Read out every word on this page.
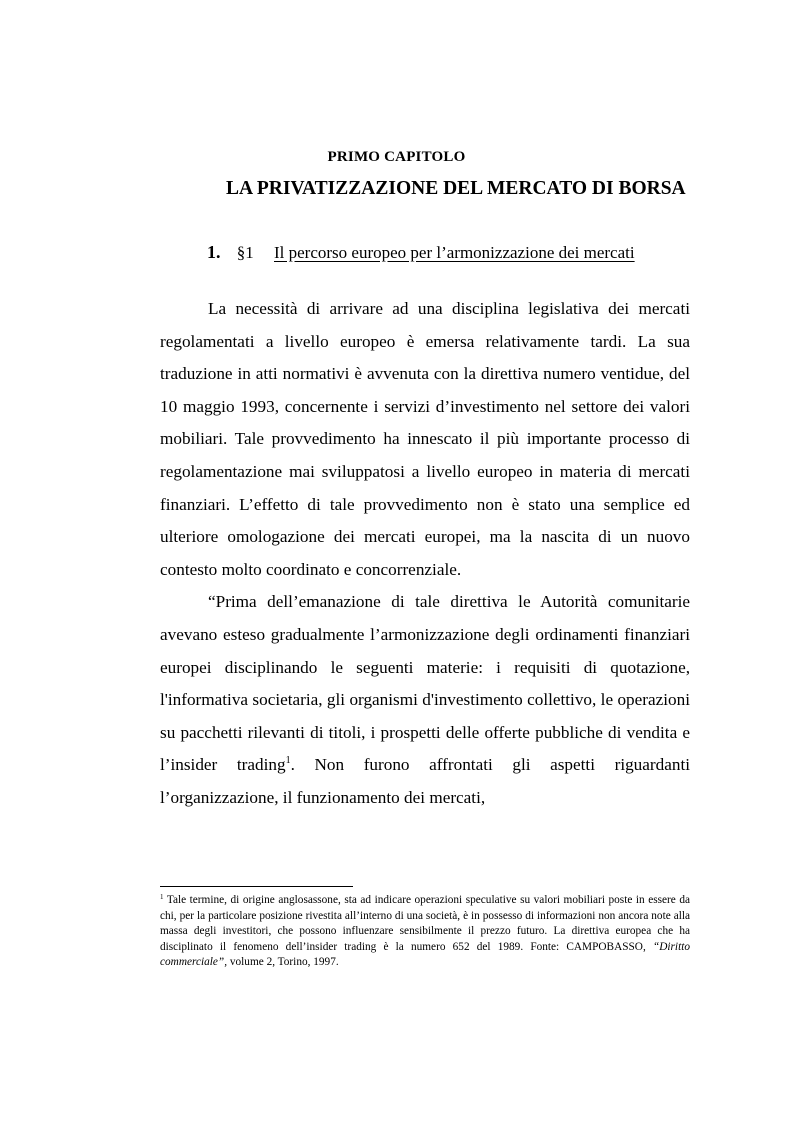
PRIMO CAPITOLO
LA PRIVATIZZAZIONE DEL MERCATO DI BORSA
1. §1 Il percorso europeo per l’armonizzazione dei mercati

La necessità di arrivare ad una disciplina legislativa dei mercati regolamentati a livello europeo è emersa relativamente tardi. La sua traduzione in atti normativi è avvenuta con la direttiva numero ventidue, del 10 maggio 1993, concernente i servizi d’investimento nel settore dei valori mobiliari. Tale provvedimento ha innescato il più importante processo di regolamentazione mai sviluppatosi a livello europeo in materia di mercati finanziari. L’effetto di tale provvedimento non è stato una semplice ed ulteriore omologazione dei mercati europei, ma la nascita di un nuovo contesto molto coordinato e concorrenziale.

“Prima dell’emanazione di tale direttiva le Autorità comunitarie avevano esteso gradualmente l’armonizzazione degli ordinamenti finanziari europei disciplinando le seguenti materie: i requisiti di quotazione, l'informativa societaria, gli organismi d'investimento collettivo, le operazioni su pacchetti rilevanti di titoli, i prospetti delle offerte pubbliche di vendita e l’insider trading$^1$. Non furono affrontati gli aspetti riguardanti l’organizzazione, il funzionamento dei mercati,

$^1$ Tale termine, di origine anglosassone, sta ad indicare operazioni speculative su valori mobiliari poste in essere da chi, per la particolare posizione rivestita all’interno di una società, è in possesso di informazioni non ancora note alla massa degli investitori, che possono influenzare sensibilmente il prezzo futuro. La direttiva europea che ha disciplinato il fenomeno dell’insider trading è la numero 652 del 1989. Fonte: CAMPOBASSO, “Diritto commerciale”, volume 2, Torino, 1997.
